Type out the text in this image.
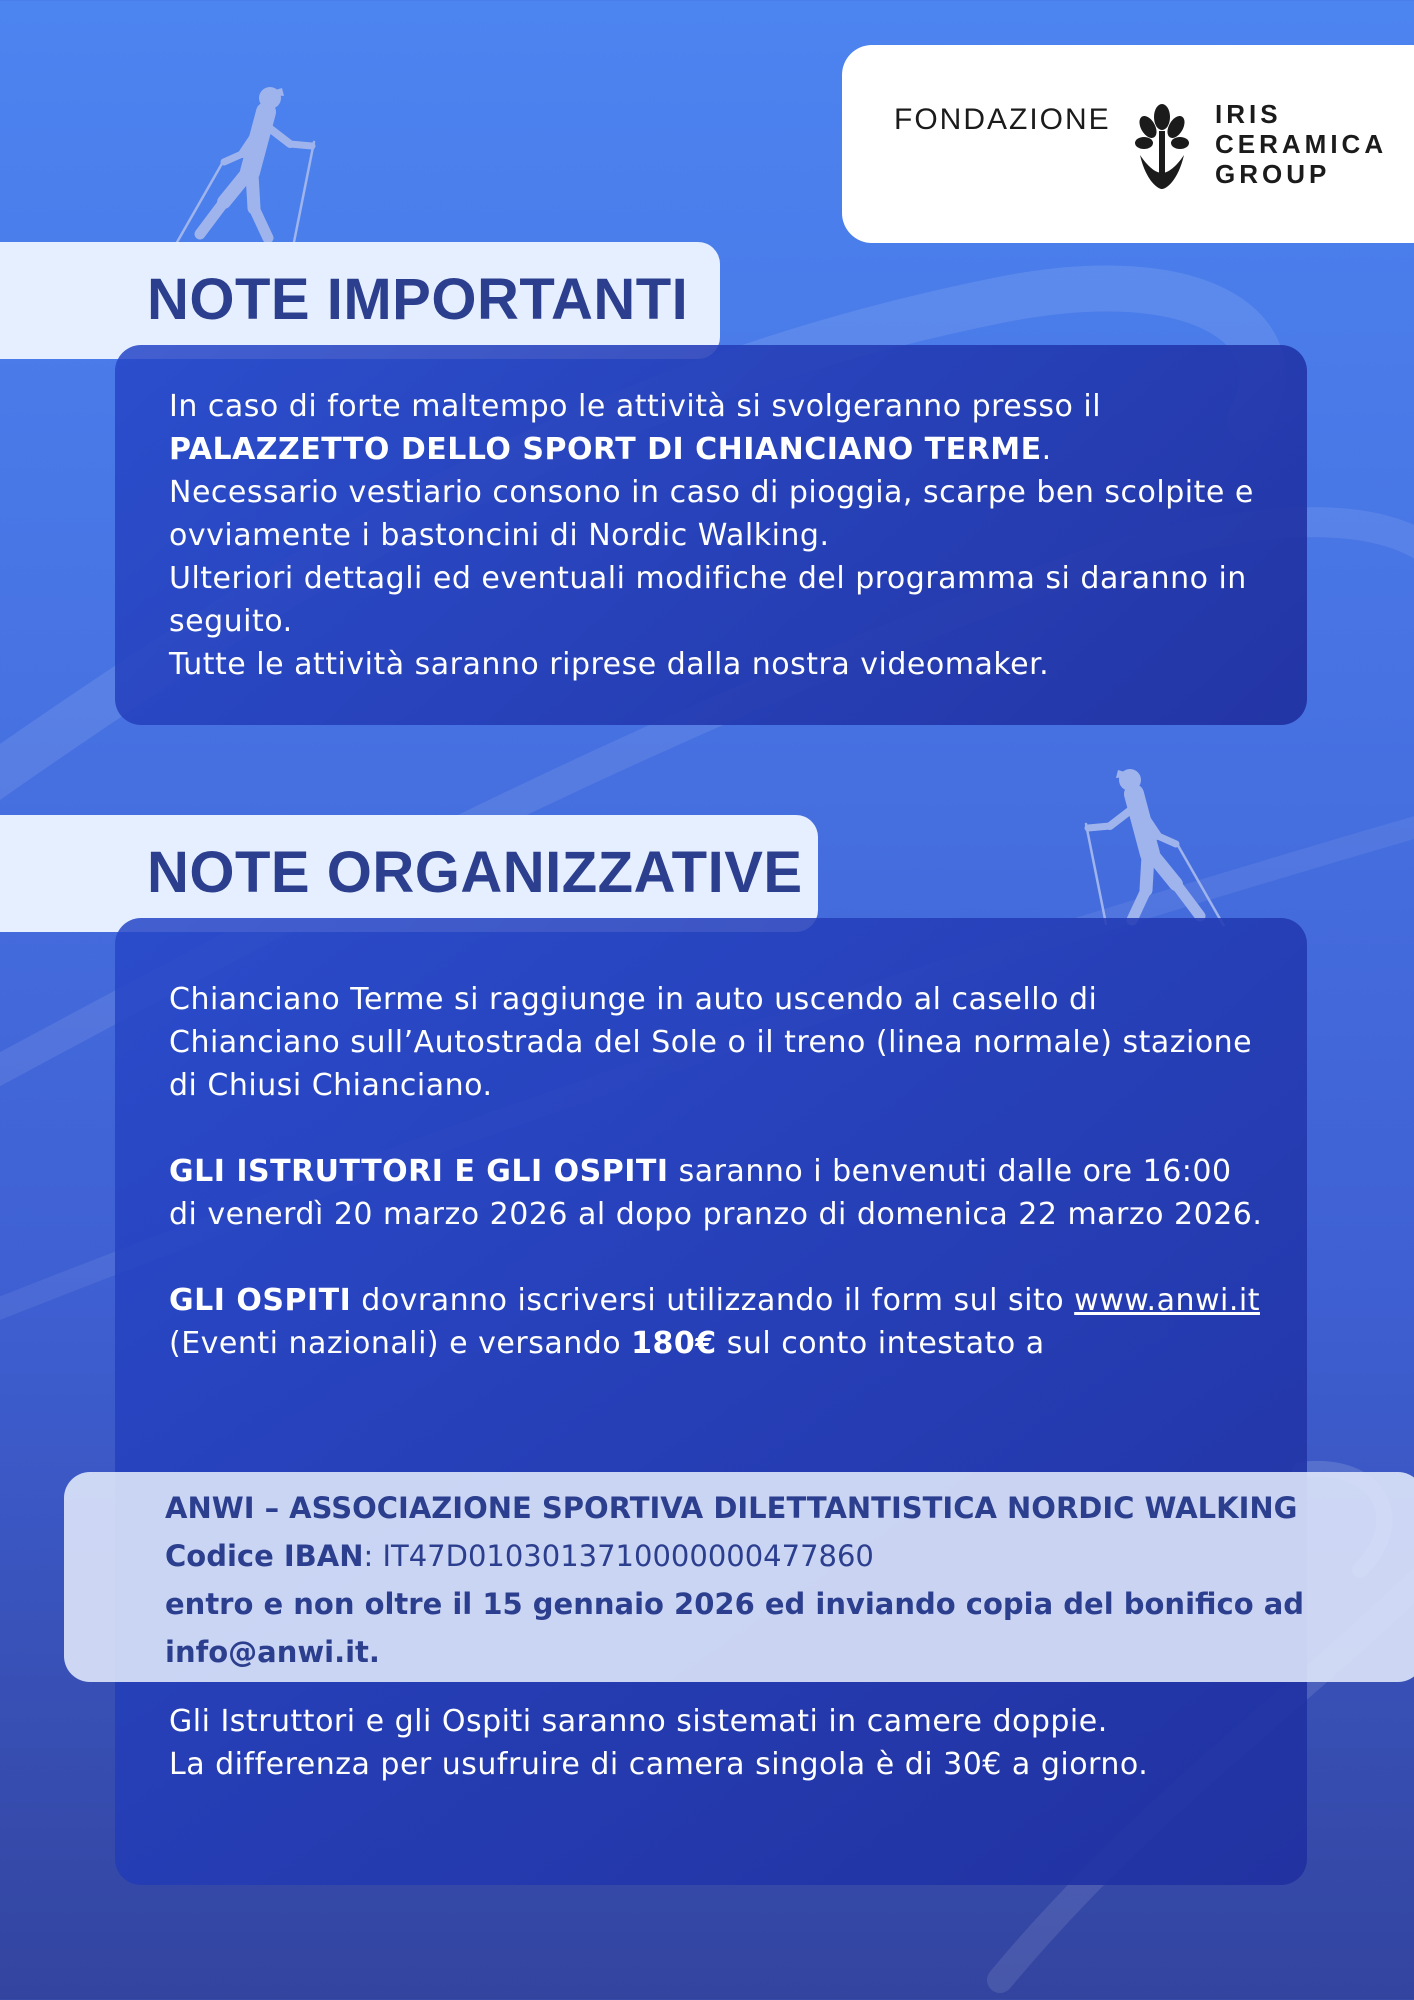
FONDAZIONE	IRIS
CERAMICA
GROUP
NOTE IMPORTANTI

In caso di forte maltempo le attività si svolgeranno presso il
PALAZZETTO DELLO SPORT DI CHIANCIANO TERME.

Necessario vestiario consono in caso di pioggia, scarpe ben scolpite e ovviamente i bastoncini di Nordic Walking.

Ulteriori dettagli ed eventuali modifiche del programma si daranno in seguito.

Tutte le attività saranno riprese dalla nostra videomaker.

NOTE ORGANIZZATIVE

Chianciano Terme si raggiunge in auto uscendo al casello di Chianciano sull’Autostrada del Sole o il treno (linea normale) stazione di Chiusi Chianciano.

GLI ISTRUTTORI E GLI OSPITI saranno i benvenuti dalle ore 16:00 di venerdì 20 marzo 2026 al dopo pranzo di domenica 22 marzo 2026.

GLI OSPITI dovranno iscriversi utilizzando il form sul sito www.anwi.it (Eventi nazionali) e versando 180€ sul conto intestato a

Gli Istruttori e gli Ospiti saranno sistemati in camere doppie.

La differenza per usufruire di camera singola è di 30€ a giorno.

ANWI – ASSOCIAZIONE SPORTIVA DILETTANTISTICA NORDIC WALKING

Codice IBAN: IT47D0103013710000000477860

entro e non oltre il 15 gennaio 2026 ed inviando copia del bonifico ad info@anwi.it.
